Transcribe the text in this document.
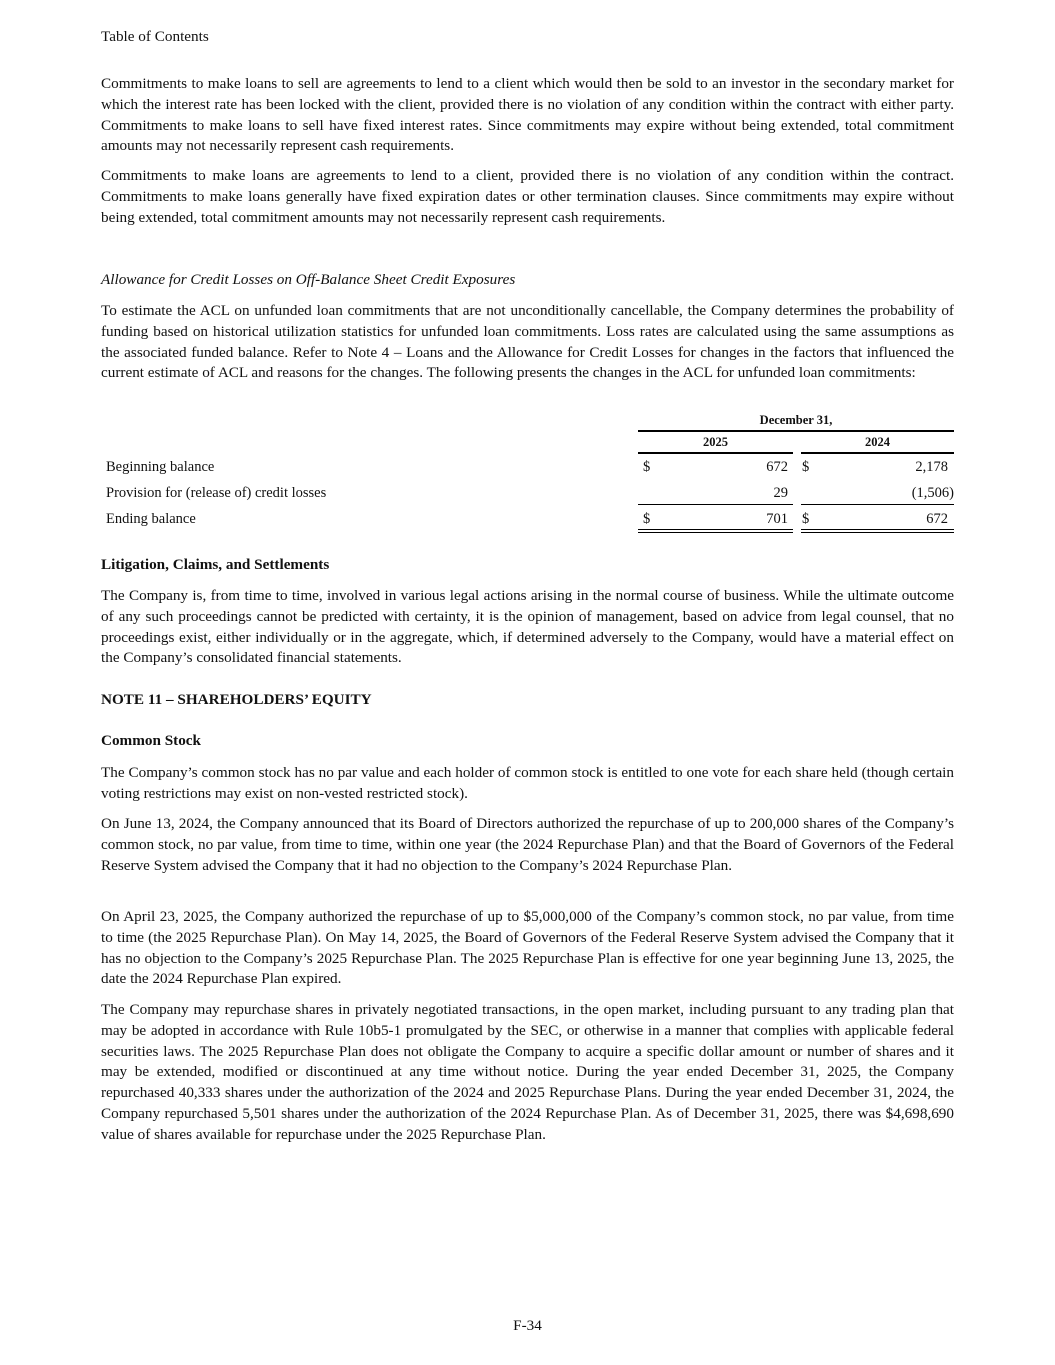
Table of Contents

Commitments to make loans to sell are agreements to lend to a client which would then be sold to an investor in the secondary market for which the interest rate has been locked with the client, provided there is no violation of any condition within the contract with either party. Commitments to make loans to sell have fixed interest rates. Since commitments may expire without being extended, total commitment amounts may not necessarily represent cash requirements.

Commitments to make loans are agreements to lend to a client, provided there is no violation of any condition within the contract. Commitments to make loans generally have fixed expiration dates or other termination clauses. Since commitments may expire without being extended, total commitment amounts may not necessarily represent cash requirements.

Allowance for Credit Losses on Off-Balance Sheet Credit Exposures

To estimate the ACL on unfunded loan commitments that are not unconditionally cancellable, the Company determines the probability of funding based on historical utilization statistics for unfunded loan commitments. Loss rates are calculated using the same assumptions as the associated funded balance. Refer to Note 4 – Loans and the Allowance for Credit Losses for changes in the factors that influenced the current estimate of ACL and reasons for the changes. The following presents the changes in the ACL for unfunded loan commitments:

December 31,
2025	2024
Beginning balance	$	672 $	2,178
Provision for (release of) credit losses	29	(1,506)
Ending balance	$	701 $	672
Litigation, Claims, and Settlements

The Company is, from time to time, involved in various legal actions arising in the normal course of business. While the ultimate outcome of any such proceedings cannot be predicted with certainty, it is the opinion of management, based on advice from legal counsel, that no proceedings exist, either individually or in the aggregate, which, if determined adversely to the Company, would have a material effect on the Company’s consolidated financial statements.

NOTE 11 – SHAREHOLDERS’ EQUITY
Common Stock

The Company’s common stock has no par value and each holder of common stock is entitled to one vote for each share held (though certain voting restrictions may exist on non-vested restricted stock).

On June 13, 2024, the Company announced that its Board of Directors authorized the repurchase of up to 200,000 shares of the Company’s common stock, no par value, from time to time, within one year (the 2024 Repurchase Plan) and that the Board of Governors of the Federal Reserve System advised the Company that it had no objection to the Company’s 2024 Repurchase Plan.

On April 23, 2025, the Company authorized the repurchase of up to $5,000,000 of the Company’s common stock, no par value, from time to time (the 2025 Repurchase Plan). On May 14, 2025, the Board of Governors of the Federal Reserve System advised the Company that it has no objection to the Company’s 2025 Repurchase Plan. The 2025 Repurchase Plan is effective for one year beginning June 13, 2025, the date the 2024 Repurchase Plan expired.

The Company may repurchase shares in privately negotiated transactions, in the open market, including pursuant to any trading plan that may be adopted in accordance with Rule 10b5-1 promulgated by the SEC, or otherwise in a manner that complies with applicable federal securities laws. The 2025 Repurchase Plan does not obligate the Company to acquire a specific dollar amount or number of shares and it may be extended, modified or discontinued at any time without notice. During the year ended December 31, 2025, the Company repurchased 40,333 shares under the authorization of the 2024 and 2025 Repurchase Plans. During the year ended December 31, 2024, the Company repurchased 5,501 shares under the authorization of the 2024 Repurchase Plan. As of December 31, 2025, there was $4,698,690 value of shares available for repurchase under the 2025 Repurchase Plan.

F-34
